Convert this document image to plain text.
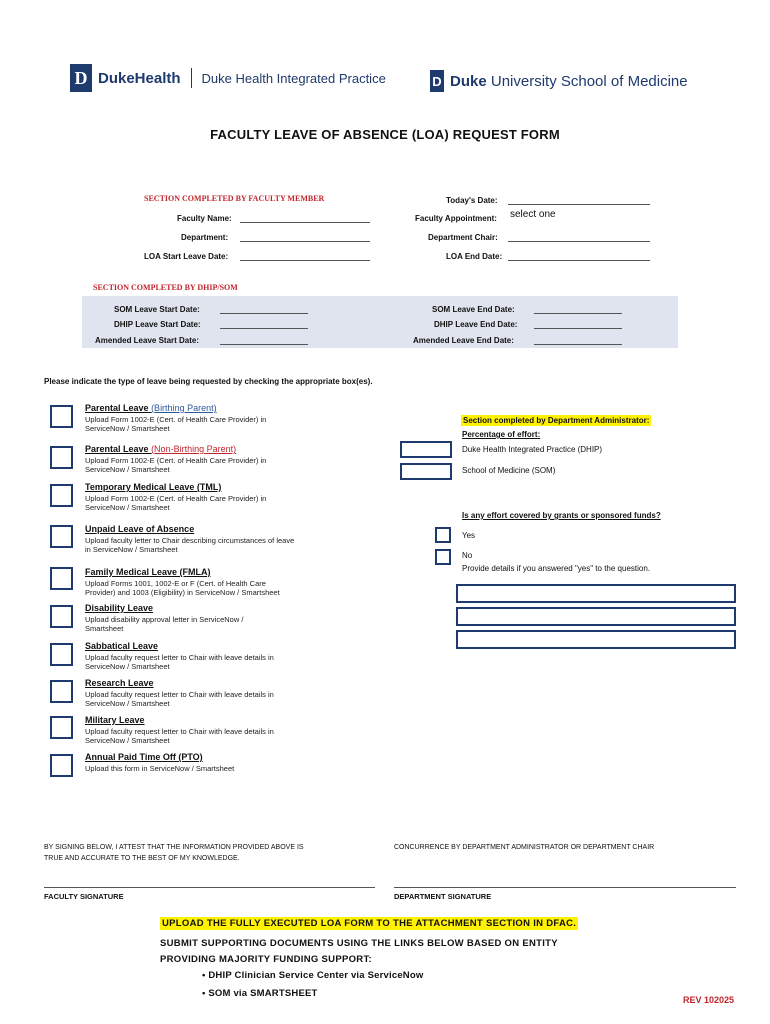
D DukeHealth Duke Health Integrated Practice	D Duke University School of Medicine
FACULTY LEAVE OF ABSENCE (LOA) REQUEST FORM
SECTION COMPLETED BY FACULTY MEMBER	Today's Date:
Faculty Name:	Faculty Appointment: select one
Department:	Department Chair:
LOA Start Leave Date:	LOA End Date:
SECTION COMPLETED BY DHIP/SOM
SOM Leave Start Date:	SOM Leave End Date:
DHIP Leave Start Date:	DHIP Leave End Date:
Amended Leave Start Date:	Amended Leave End Date:
Please indicate the type of leave being requested by checking the appropriate box(es).
Parental Leave (Birthing Parent)
Upload Form 1002-E (Cert. of Health Care Provider) in
ServiceNow / Smartsheet
Parental Leave (Non-Birthing Parent)
Upload Form 1002-E (Cert. of Health Care Provider) in
ServiceNow / Smartsheet
Temporary Medical Leave (TML)
Upload Form 1002-E (Cert. of Health Care Provider) in
ServiceNow / Smartsheet
Unpaid Leave of Absence
Upload faculty letter to Chair describing circumstances of leave
in ServiceNow / Smartsheet
Family Medical Leave (FMLA)
Upload Forms 1001, 1002-E or F (Cert. of Health Care
Provider) and 1003 (Eligibility) in ServiceNow / Smartsheet
Disability Leave
Upload disability approval letter in ServiceNow /
Smartsheet
Sabbatical Leave
Upload faculty request letter to Chair with leave details in
ServiceNow / Smartsheet
Research Leave
Upload faculty request letter to Chair with leave details in
ServiceNow / Smartsheet
Military Leave
Upload faculty request letter to Chair with leave details in
ServiceNow / Smartsheet
Annual Paid Time Off (PTO)
Upload this form in ServiceNow / Smartsheet
Section completed by Department Administrator:
Percentage of effort:
Duke Health Integrated Practice (DHIP)
School of Medicine (SOM)
Is any effort covered by grants or sponsored funds?
Yes
No
Provide details if you answered "yes" to the question.
BY SIGNING BELOW, I ATTEST THAT THE INFORMATION PROVIDED ABOVE IS
TRUE AND ACCURATE TO THE BEST OF MY KNOWLEDGE.
CONCURRENCE BY DEPARTMENT ADMINISTRATOR OR DEPARTMENT CHAIR
FACULTY SIGNATURE	DEPARTMENT SIGNATURE
UPLOAD THE FULLY EXECUTED LOA FORM TO THE ATTACHMENT SECTION IN DFAC.
SUBMIT SUPPORTING DOCUMENTS USING THE LINKS BELOW BASED ON ENTITY
PROVIDING MAJORITY FUNDING SUPPORT:
• DHIP Clinician Service Center via ServiceNow
• SOM via SMARTSHEET
REV 102025
